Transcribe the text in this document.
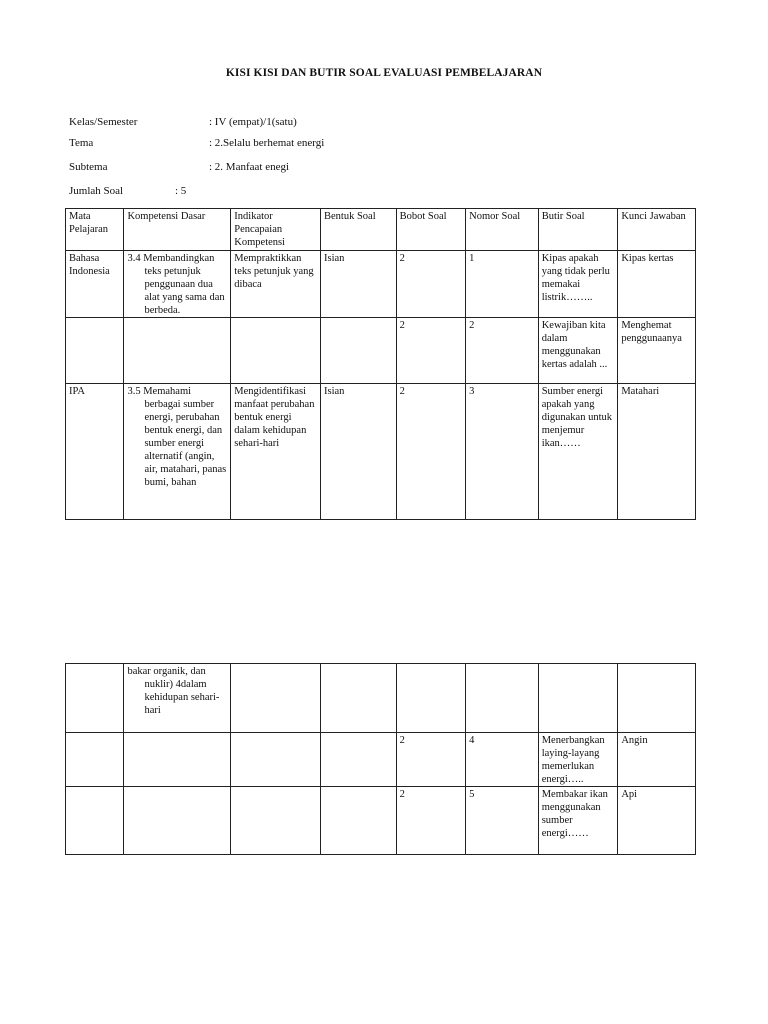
KISI KISI DAN BUTIR SOAL EVALUASI PEMBELAJARAN
Kelas/Semester	: IV (empat)/1(satu)
Tema	: 2.Selalu berhemat energi
Subtema	: 2. Manfaat enegi
Jumlah Soal	: 5
Mata Pelajaran	Kompetensi Dasar	Indikator Pencapaian Kompetensi	Bentuk Soal	Bobot Soal	Nomor Soal	Butir Soal	Kunci Jawaban
Bahasa Indonesia	3.4 Membandingkan teks petunjuk penggunaan dua alat yang sama dan berbeda.	Mempraktikkan teks petunjuk yang dibaca	Isian	2	1	Kipas apakah yang tidak perlu memakai listrik……..	Kipas kertas
				2	2	Kewajiban kita dalam menggunakan kertas adalah ...	Menghemat penggunaanya
IPA	3.5 Memahami berbagai sumber energi, perubahan bentuk energi, dan sumber energi alternatif (angin, air, matahari, panas bumi, bahan	Mengidentifikasi manfaat perubahan bentuk energi dalam kehidupan sehari-hari	Isian	2	3	Sumber energi apakah yang digunakan untuk menjemur ikan……	Matahari
	bakar organik, dan nuklir) 4dalam kehidupan sehari-hari						
				2	4	Menerbangkan laying-layang memerlukan energi…..	Angin
				2	5	Membakar ikan menggunakan sumber energi……	Api
